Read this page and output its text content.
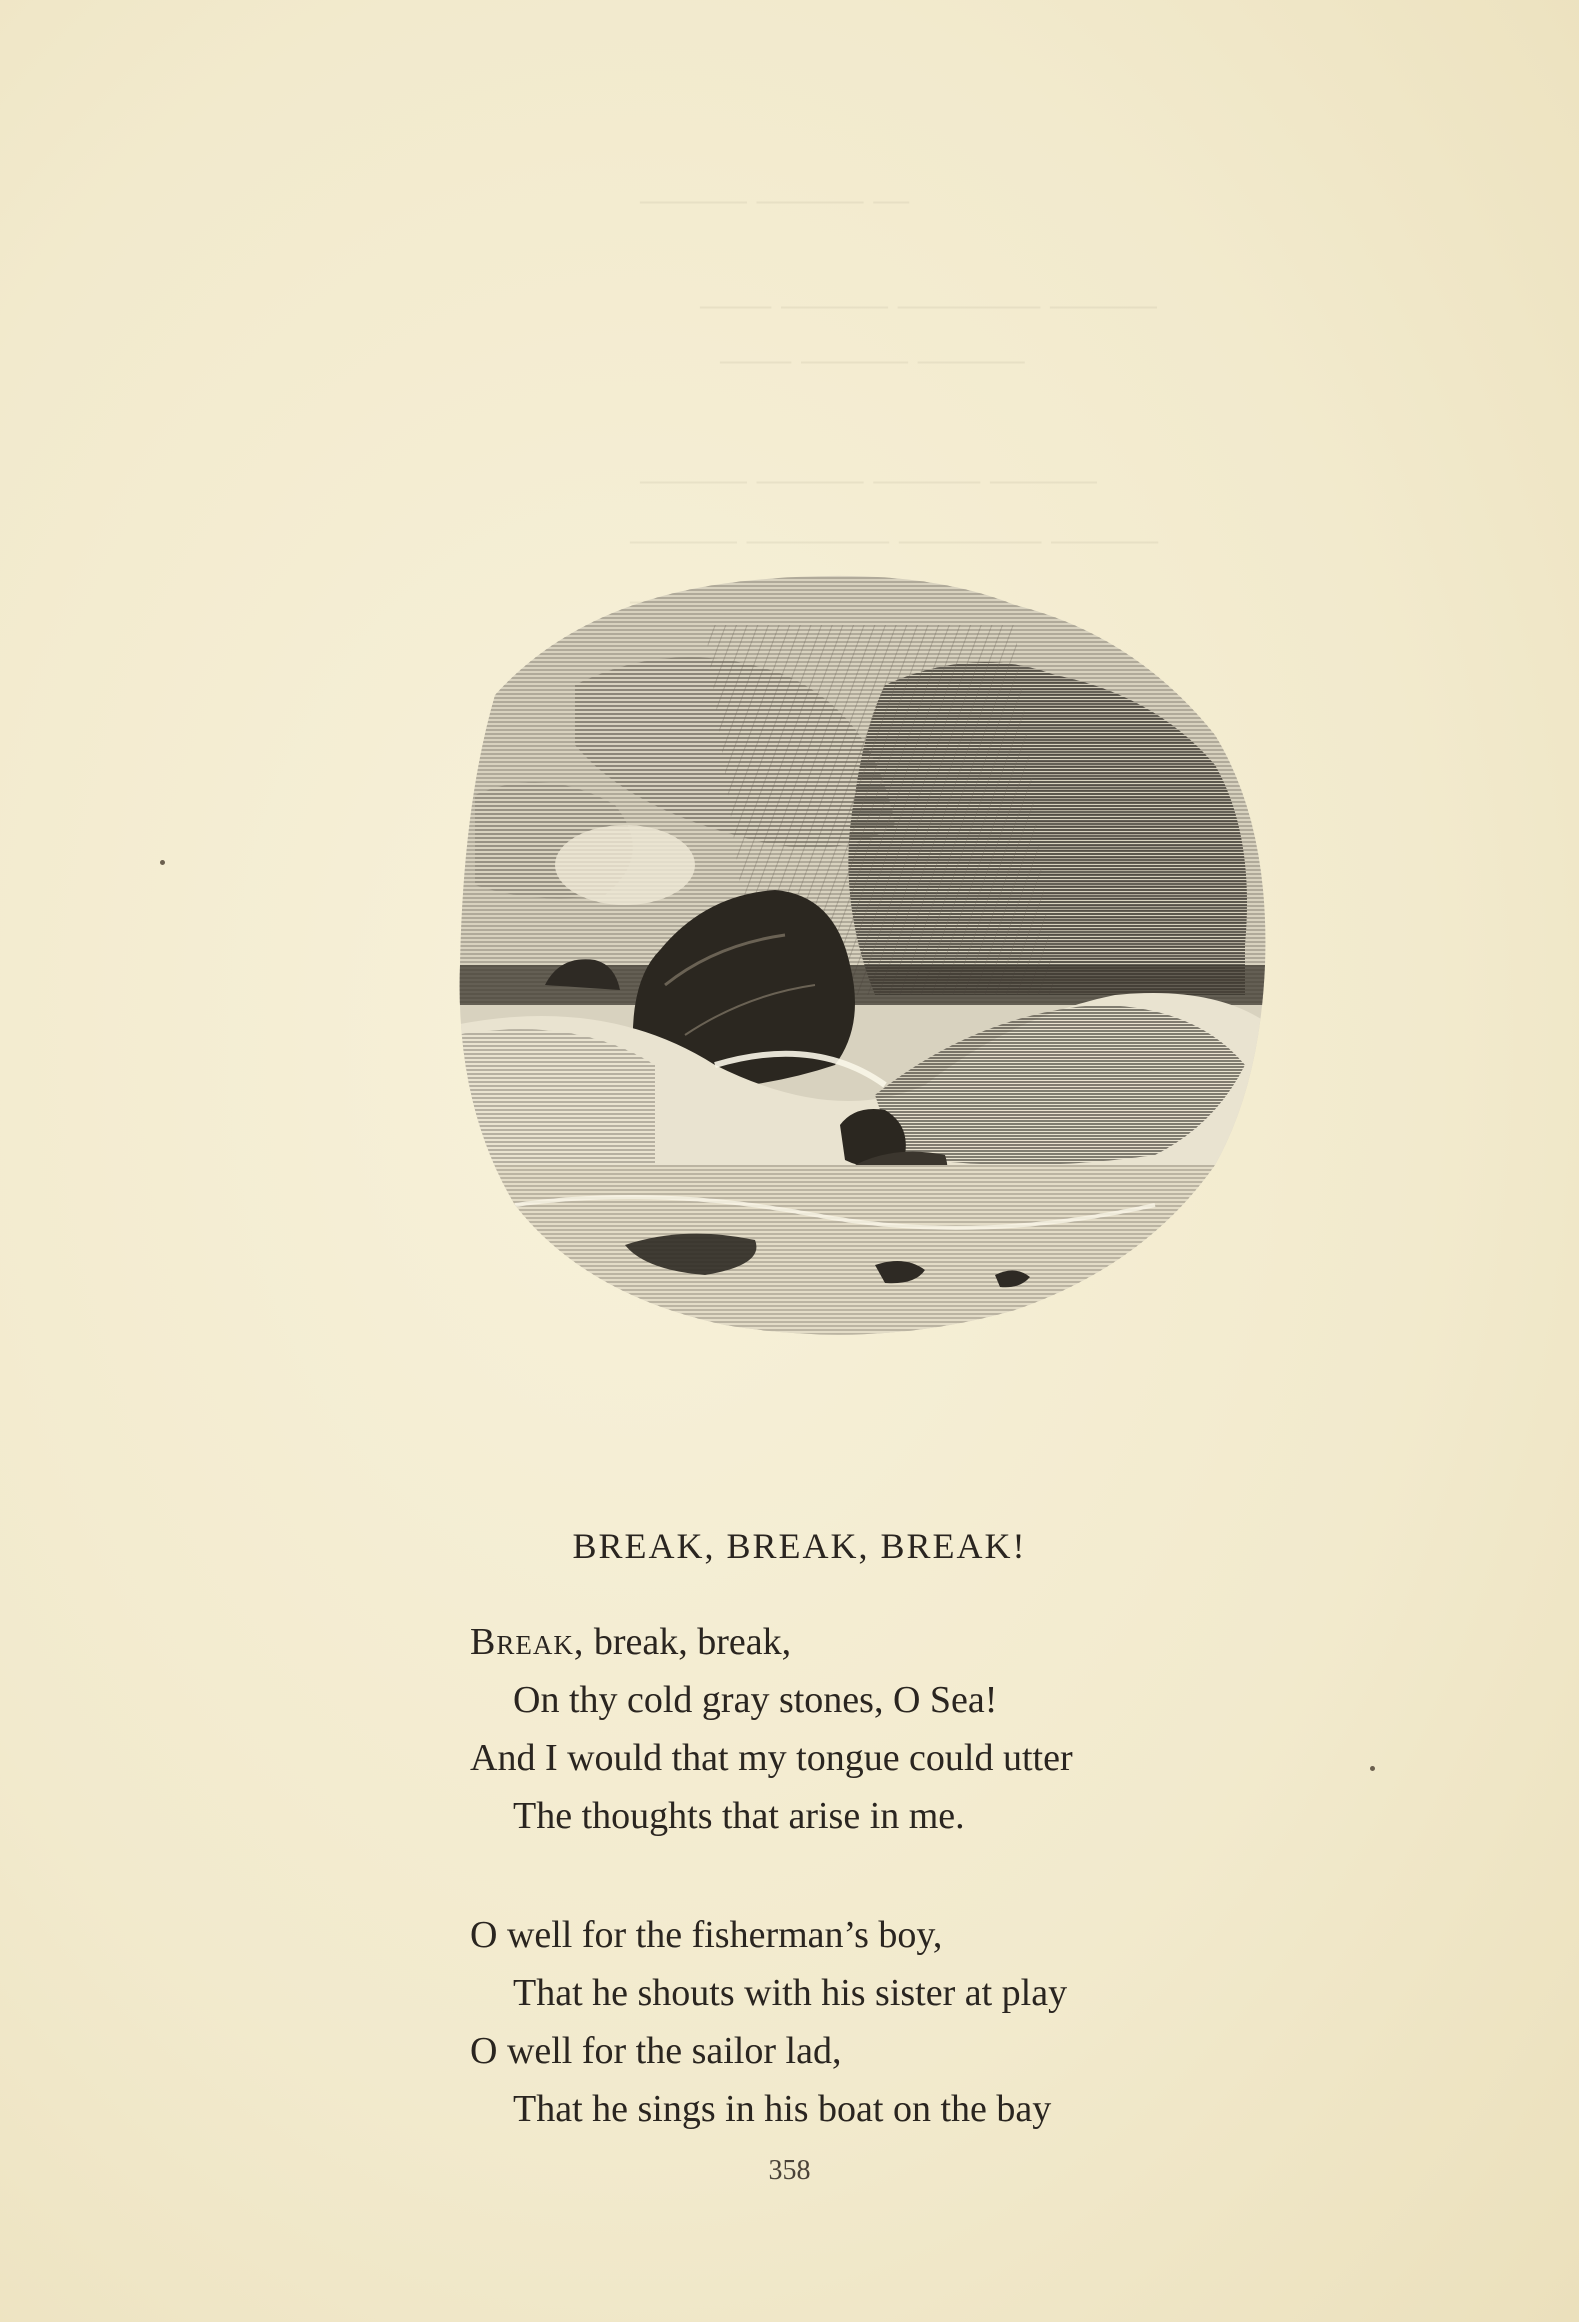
— ——— ———
——— ———— ——— ——
——— ——— ——
——— ——— ——— ———
——— ———— ———— ———
BREAK, BREAK, BREAK!
Break, break, break,
On thy cold gray stones, O Sea!
And I would that my tongue could utter
The thoughts that arise in me.
O well for the fisherman’s boy,
That he shouts with his sister at play
O well for the sailor lad,
That he sings in his boat on the bay
358
